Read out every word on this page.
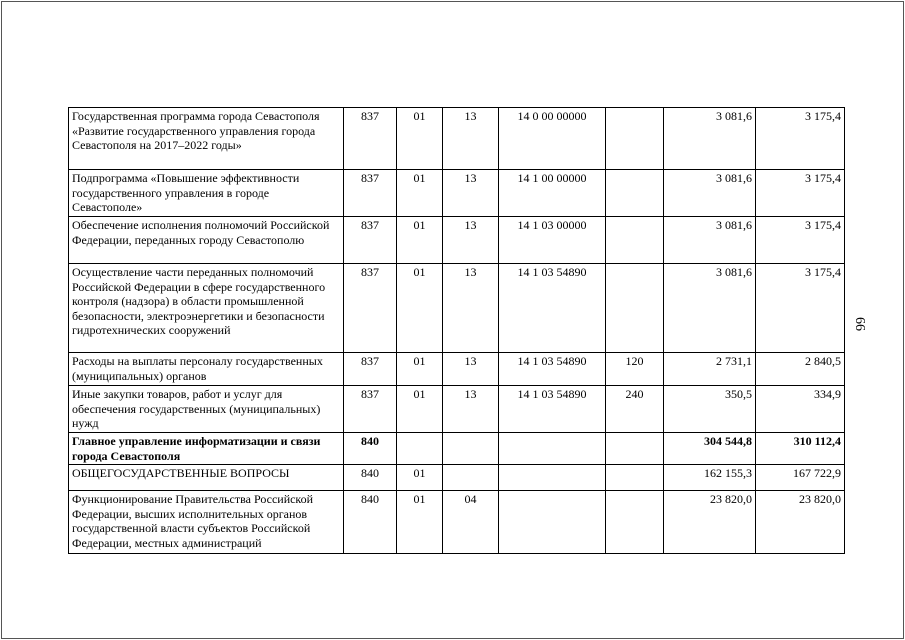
Государственная программа города Севастополя «Развитие государственного управления города Севастополя на 2017–2022 годы»	837	01	13	14 0 00 00000		3 081,6	3 175,4
Подпрограмма «Повышение эффективности государственного управления в городе Севастополе»	837	01	13	14 1 00 00000		3 081,6	3 175,4
Обеспечение исполнения полномочий Российской Федерации, переданных городу Севастополю	837	01	13	14 1 03 00000		3 081,6	3 175,4
Осуществление части переданных полномочий Российской Федерации в сфере государственного контроля (надзора) в области промышленной безопасности, электроэнергетики и безопасности гидротехнических сооружений	837	01	13	14 1 03 54890		3 081,6	3 175,4
Расходы на выплаты персоналу государственных (муниципальных) органов	837	01	13	14 1 03 54890	120	2 731,1	2 840,5
Иные закупки товаров, работ и услуг для обеспечения государственных (муниципальных) нужд	837	01	13	14 1 03 54890	240	350,5	334,9
Главное управление информатизации и связи города Севастополя	840					304 544,8	310 112,4
ОБЩЕГОСУДАРСТВЕННЫЕ ВОПРОСЫ	840	01				162 155,3	167 722,9
Функционирование Правительства Российской Федерации, высших исполнительных органов государственной власти субъектов Российской Федерации, местных администраций	840	01	04			23 820,0	23 820,0
66
